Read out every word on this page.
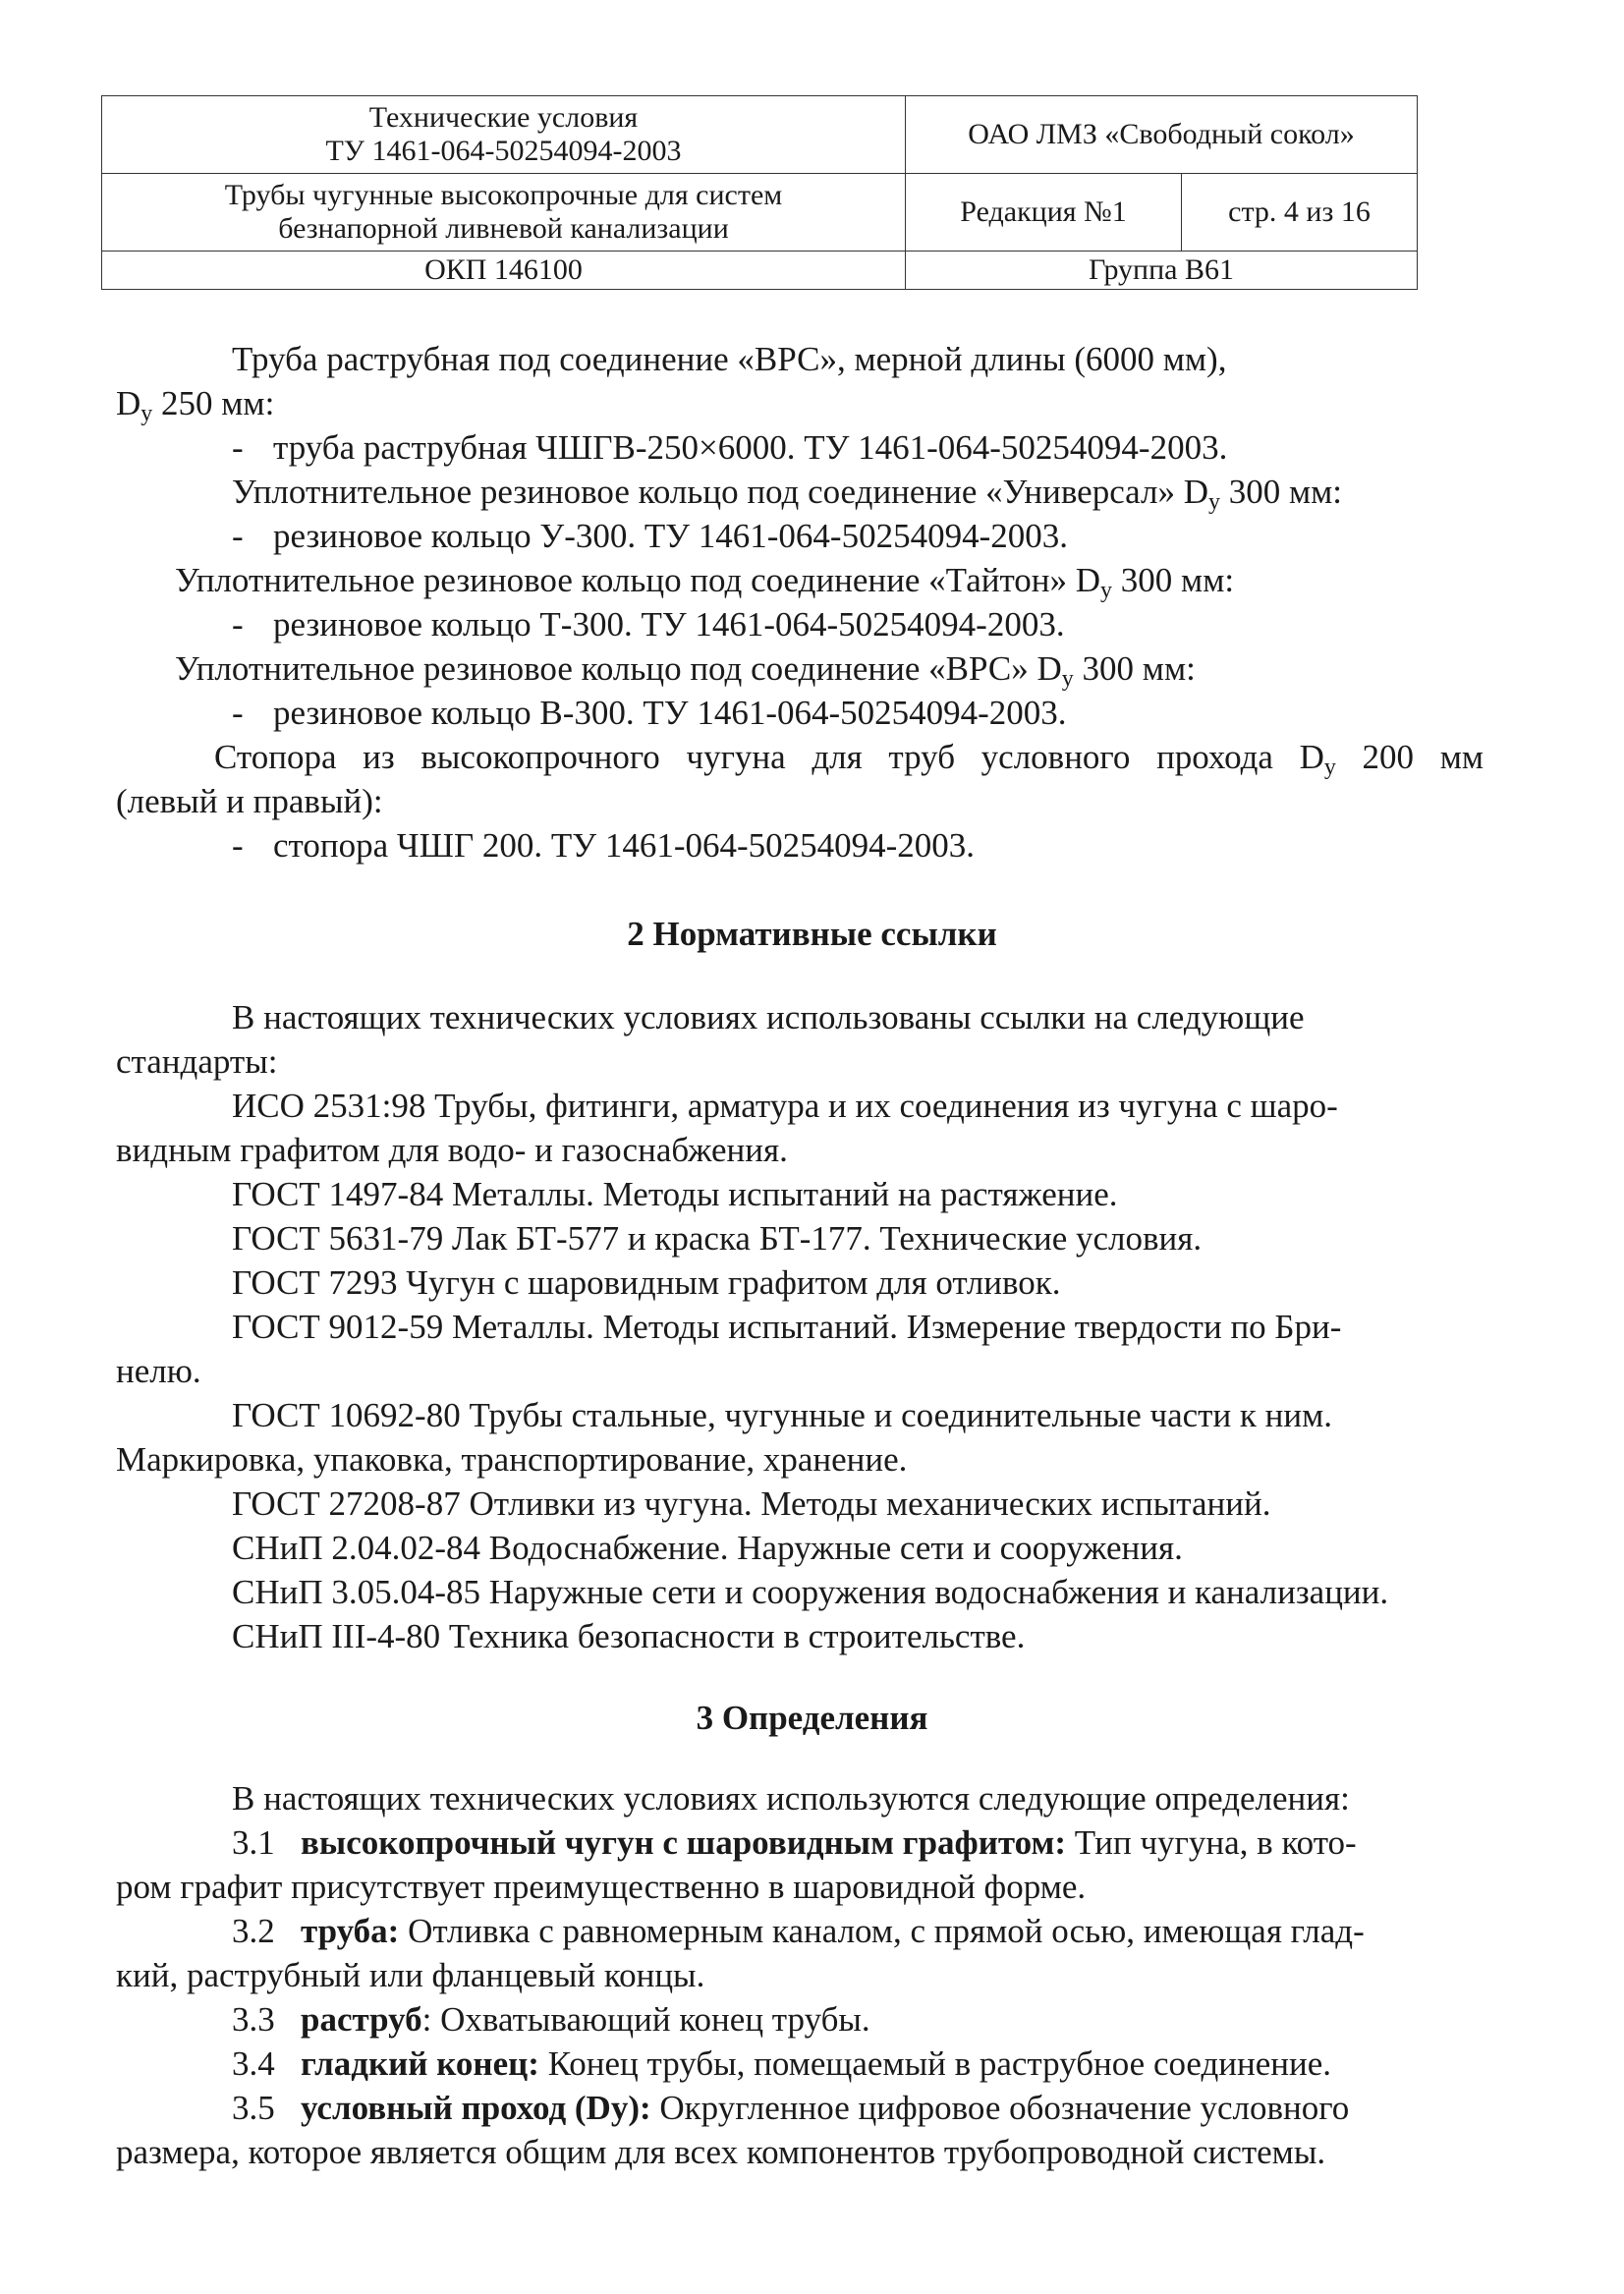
Технические условия
ТУ 1461-064-50254094-2003	ОАО ЛМЗ «Свободный сокол»	
Трубы чугунные высокопрочные для систем
безнапорной ливневой канализации	Редакция №1	стр. 4 из 16
ОКП 146100	Группа В61	
Труба раструбная под соединение «ВРС», мерной длины (6000 мм),
$D_у$ 250 мм:
- труба раструбная ЧШГВ-250×6000. ТУ 1461-064-50254094-2003.
Уплотнительное резиновое кольцо под соединение «Универсал» $D_у$ 300 мм:
- резиновое кольцо У-300. ТУ 1461-064-50254094-2003.
Уплотнительное резиновое кольцо под соединение «Тайтон» $D_у$ 300 мм:
- резиновое кольцо Т-300. ТУ 1461-064-50254094-2003.
Уплотнительное резиновое кольцо под соединение «ВРС» $D_у$ 300 мм:
- резиновое кольцо В-300. ТУ 1461-064-50254094-2003.
Стопора из высокопрочного чугуна для труб условного прохода $D_у$ 200 мм
(левый и правый):
- стопора ЧШГ 200. ТУ 1461-064-50254094-2003.
2 Нормативные ссылки
В настоящих технических условиях использованы ссылки на следующие
стандарты:
ИСО 2531:98 Трубы, фитинги, арматура и их соединения из чугуна с шаро-
видным графитом для водо- и газоснабжения.
ГОСТ 1497-84 Металлы. Методы испытаний на растяжение.
ГОСТ 5631-79 Лак БТ-577 и краска БТ-177. Технические условия.
ГОСТ 7293 Чугун с шаровидным графитом для отливок.
ГОСТ 9012-59 Металлы. Методы испытаний. Измерение твердости по Бри-
нелю.
ГОСТ 10692-80 Трубы стальные, чугунные и соединительные части к ним.
Маркировка, упаковка, транспортирование, хранение.
ГОСТ 27208-87 Отливки из чугуна. Методы механических испытаний.
СНиП 2.04.02-84 Водоснабжение. Наружные сети и сооружения.
СНиП 3.05.04-85 Наружные сети и сооружения водоснабжения и канализации.
СНиП III-4-80 Техника безопасности в строительстве.
3 Определения
В настоящих технических условиях используются следующие определения:
3.1 высокопрочный чугун с шаровидным графитом: Тип чугуна, в кото-
ром графит присутствует преимущественно в шаровидной форме.
3.2 труба: Отливка с равномерным каналом, с прямой осью, имеющая глад-
кий, раструбный или фланцевый концы.
3.3 раструб: Охватывающий конец трубы.
3.4 гладкий конец: Конец трубы, помещаемый в раструбное соединение.
3.5 условный проход (Dy): Округленное цифровое обозначение условного
размера, которое является общим для всех компонентов трубопроводной системы.
